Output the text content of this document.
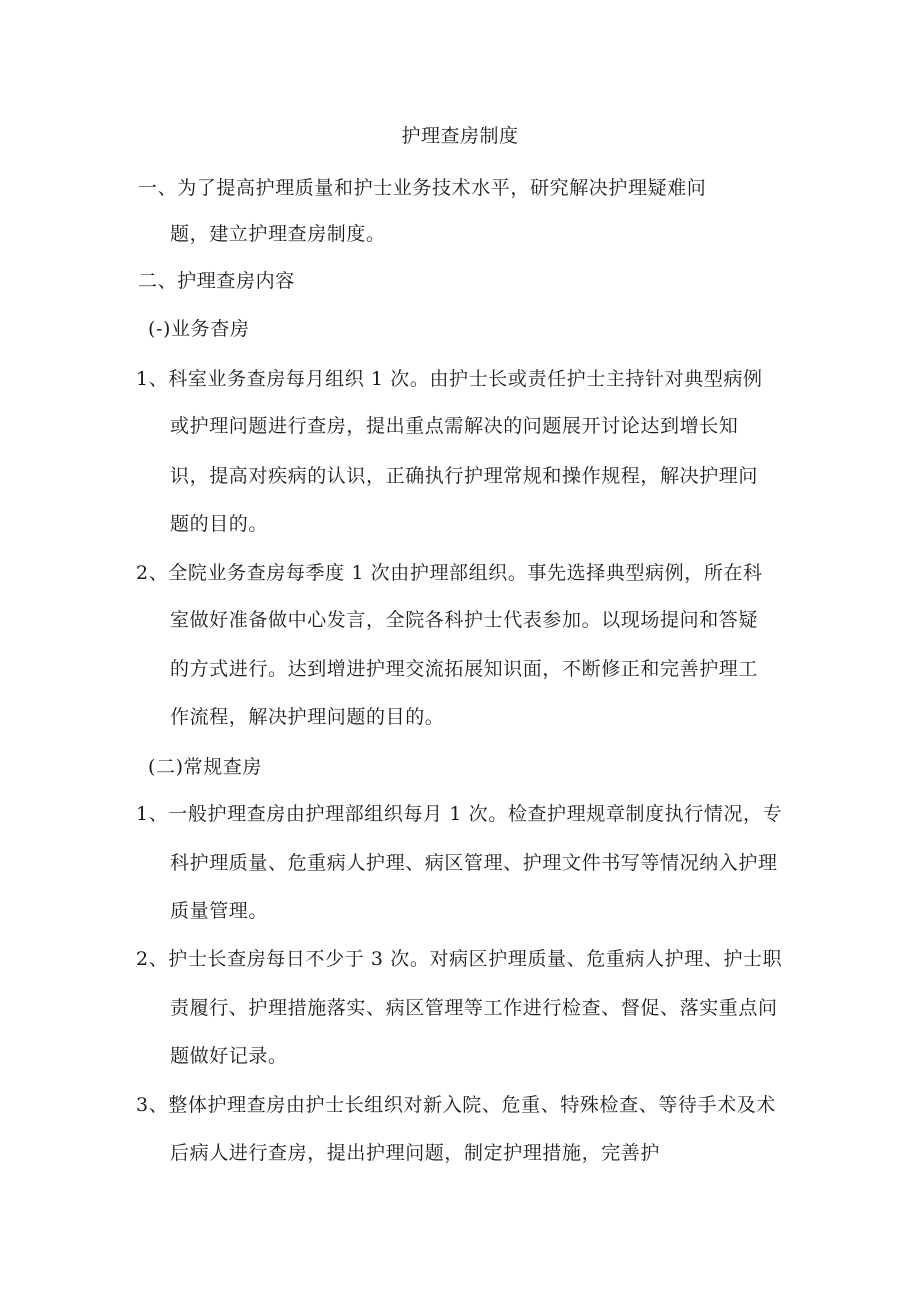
护理查房制度
一、为了提高护理质量和护士业务技术水平，研究解决护理疑难问
题，建立护理查房制度。
二、护理查房内容
(-)业务杳房
1、科室业务查房每月组织 1 次。由护士长或责任护士主持针对典型病例
或护理问题进行查房，提出重点需解决的问题展开讨论达到增长知
识，提高对疾病的认识，正确执行护理常规和操作规程，解决护理问
题的目的。
2、全院业务查房每季度 1 次由护理部组织。事先选择典型病例，所在科
室做好准备做中心发言，全院各科护士代表参加。以现场提问和答疑
的方式进行。达到增进护理交流拓展知识面，不断修正和完善护理工
作流程，解决护理问题的目的。
(二)常规查房
1、一般护理查房由护理部组织每月 1 次。检查护理规章制度执行情况，专
科护理质量、危重病人护理、病区管理、护理文件书写等情况纳入护理
质量管理。
2、护士长查房每日不少于 3 次。对病区护理质量、危重病人护理、护士职
责履行、护理措施落实、病区管理等工作进行检查、督促、落实重点问
题做好记录。
3、整体护理查房由护士长组织对新入院、危重、特殊检查、等待手术及术
后病人进行查房，提出护理问题，制定护理措施，完善护
